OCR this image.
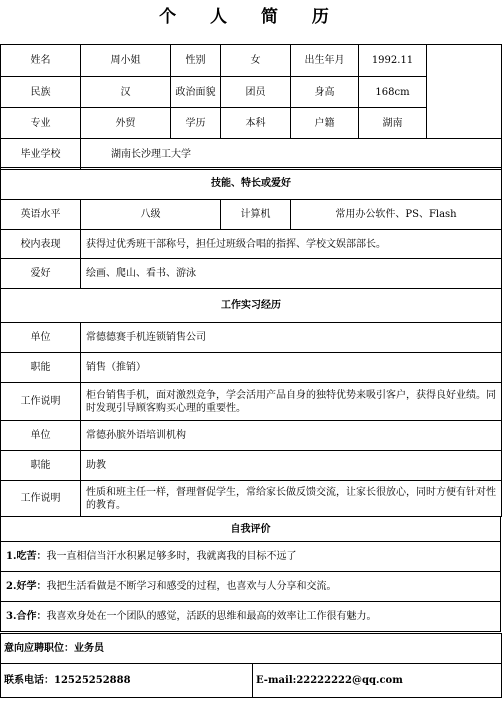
个 人 简 历
姓名	周小姐	性别	女	出生年月	1992.11	
民族	汉	政治面貌	团员	身高	168cm	
专业	外贸	学历	本科	户籍	湖南	
毕业学校	湖南长沙理工大学					
技能、特长或爱好			
英语水平	八级	计算机	常用办公软件、PS、Flash
校内表现	获得过优秀班干部称号，担任过班级合唱的指挥、学校文娱部部长。		
爱好	绘画、爬山、看书、游泳		
工作实习经历	
单位	常德德赛手机连锁销售公司
职能	销售（推销）
工作说明	柜台销售手机，面对激烈竞争，学会活用产品自身的独特优势来吸引客户，获得良好业绩。同时发现引导顾客购买心理的重要性。
单位	常德孙膑外语培训机构
职能	助教
工作说明	性质和班主任一样，督理督促学生，常给家长做反馈交流，让家长很放心，同时方便有针对性的教育。
自我评价
1.吃苦：我一直相信当汗水积累足够多时，我就离我的目标不远了
2.好学：我把生活看做是不断学习和感受的过程，也喜欢与人分享和交流。
3.合作：我喜欢身处在一个团队的感觉，活跃的思维和最高的效率让工作很有魅力。
意向应聘职位：业务员
联系电话：12525252888	E-mail:22222222@qq.com
